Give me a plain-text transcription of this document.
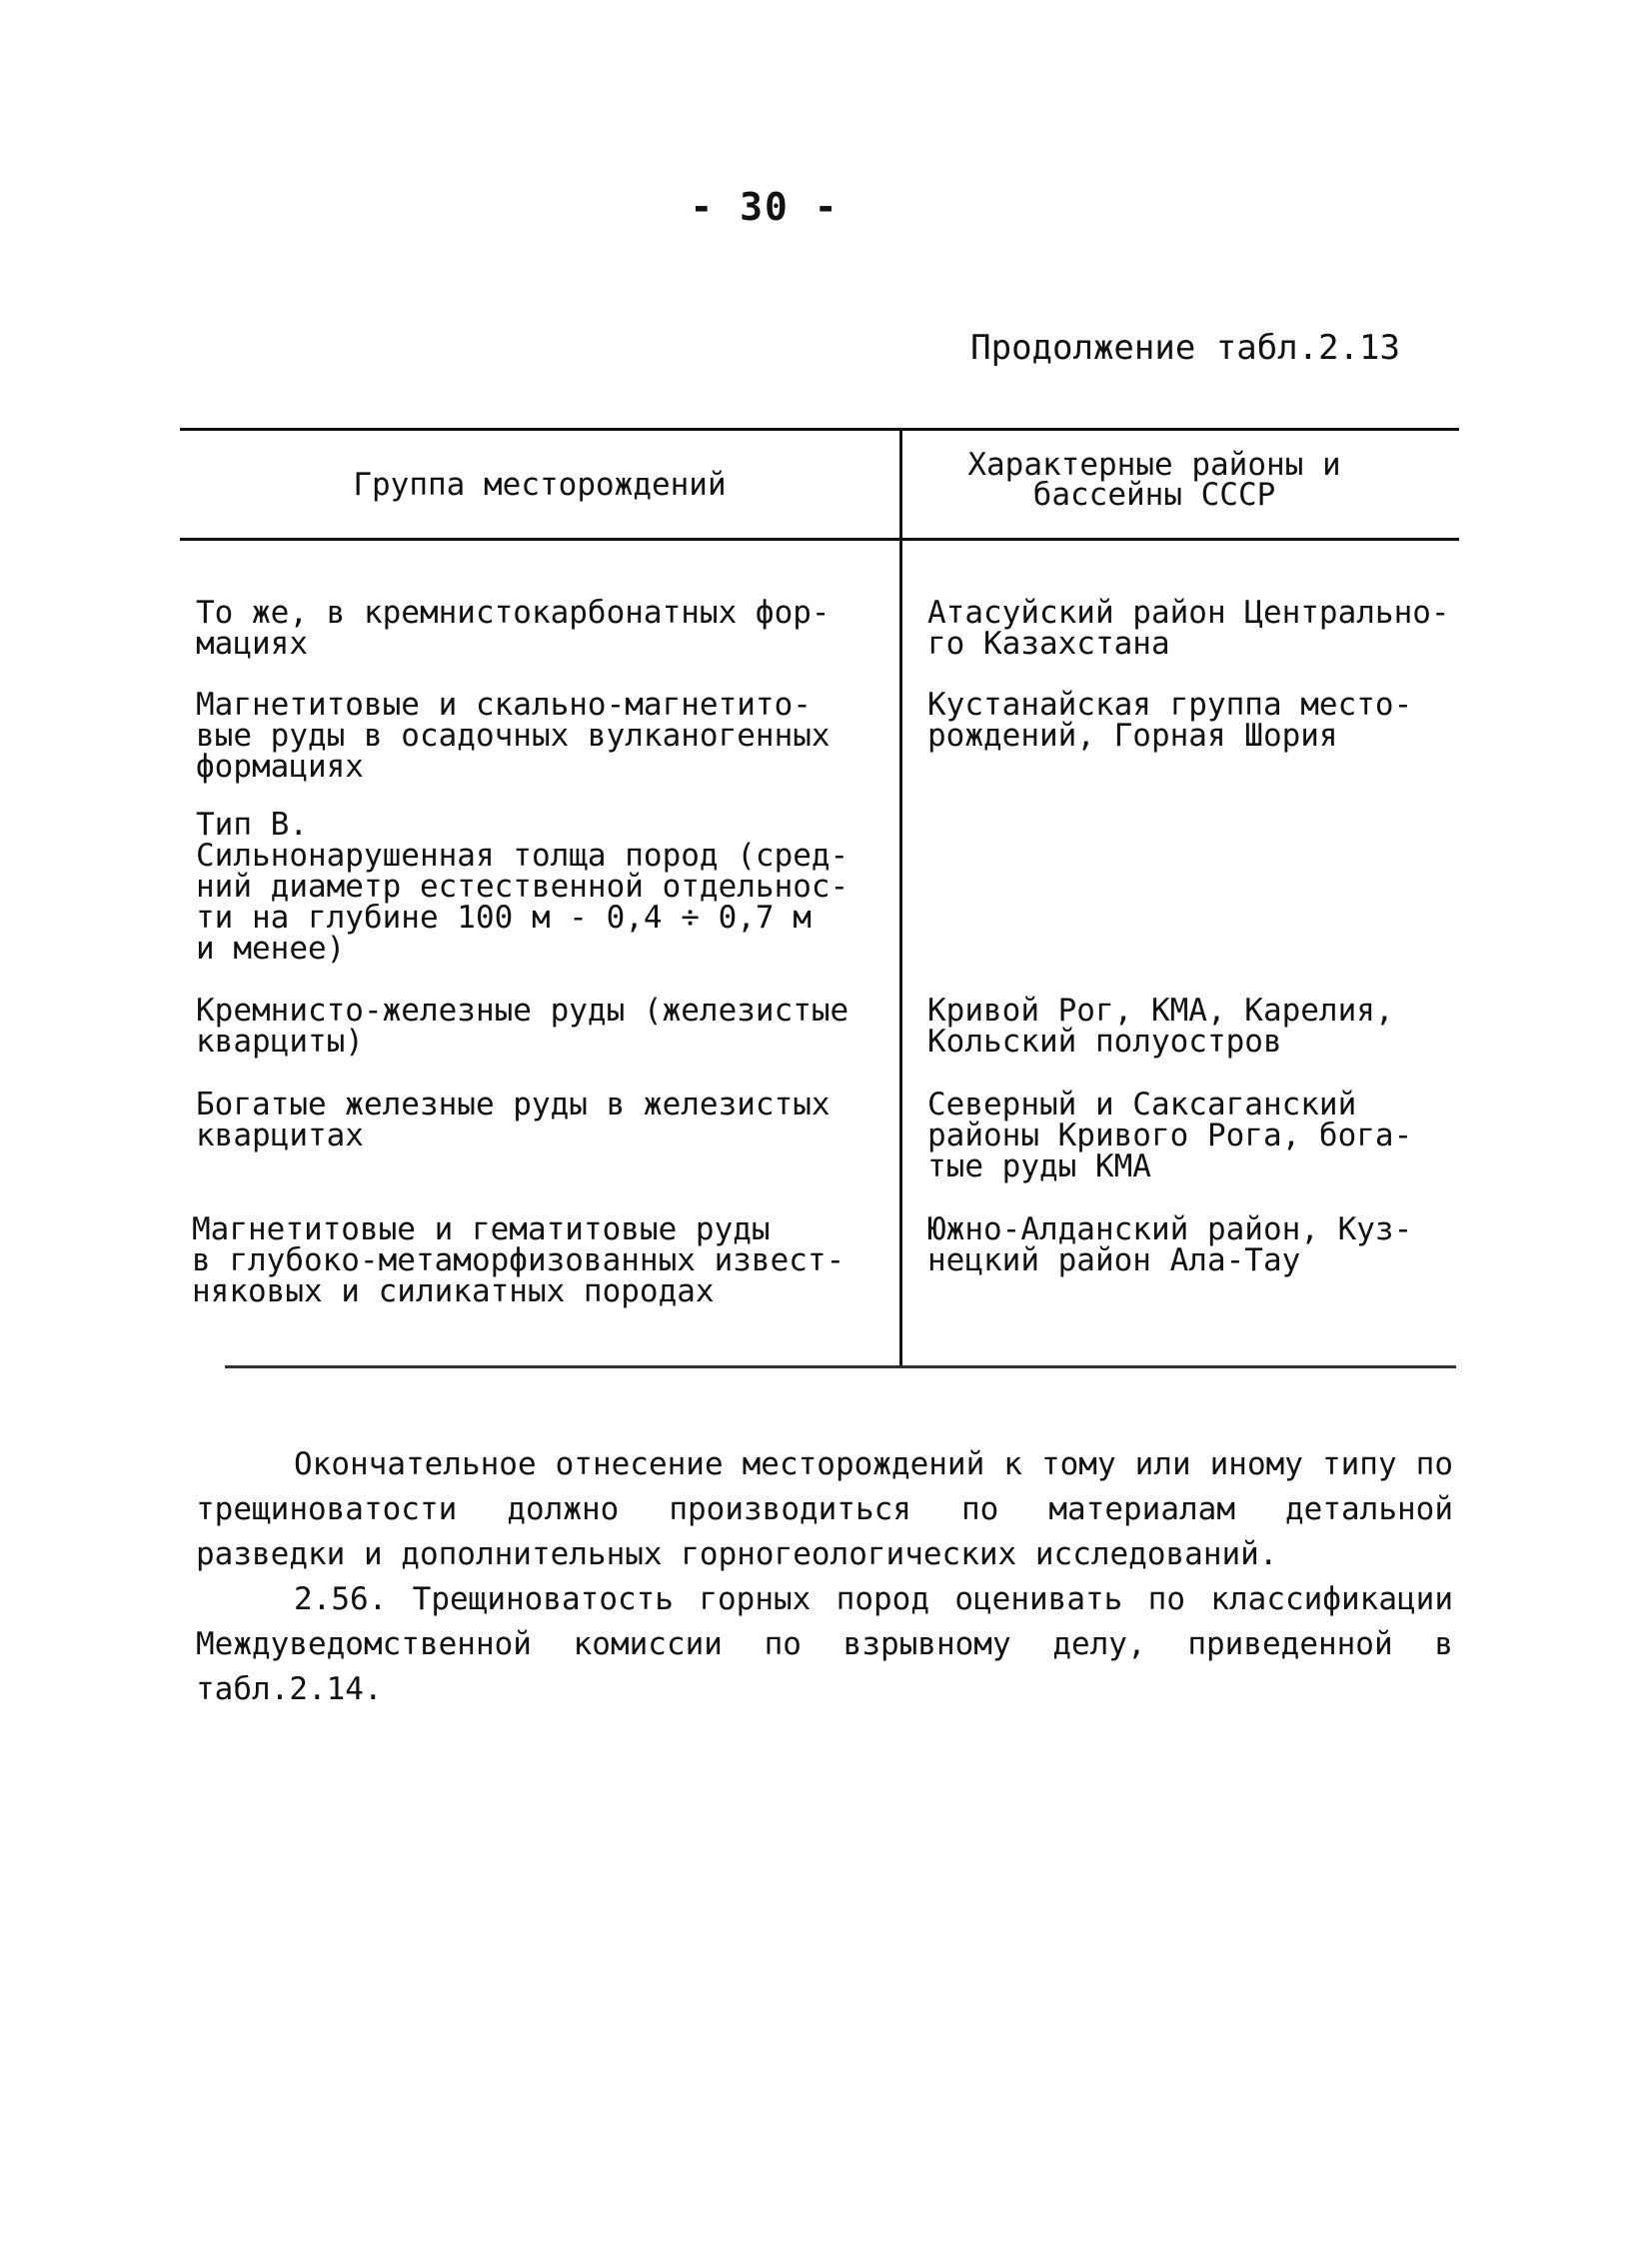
- 30 -
Продолжение табл.2.13
Группа месторождений
Характерные районы и
бассейны СССР
То же, в кремнистокарбонатных фор-
мациях
Атасуйский район Центрально-
го Казахстана
Магнетитовые и скально-магнетито-
вые руды в осадочных вулканогенных
формациях
Кустанайская группа место-
рождений, Горная Шория
Тип В.
Сильнонарушенная толща пород (сред-
ний диаметр естественной отдельнос-
ти на глубине 100 м - 0,4 ÷ 0,7 м
и менее)
Кремнисто-железные руды (железистые
кварциты)
Кривой Рог, КМА, Карелия,
Кольский полуостров
Богатые железные руды в железистых
кварцитах
Северный и Саксаганский
районы Кривого Рога, бога-
тые руды КМА
Магнетитовые и гематитовые руды
в глубоко-метаморфизованных извест-
няковых и силикатных породах
Южно-Алданский район, Куз-
нецкий район Ала-Тау

Окончательное отнесение месторождений к тому или иному типу по трещиноватости должно производиться по материалам детальной разведки и дополнительных горногеологических исследований.

2.56. Трещиноватость горных пород оценивать по классификации Междуведомственной комиссии по взрывному делу, приведенной в табл.2.14.
